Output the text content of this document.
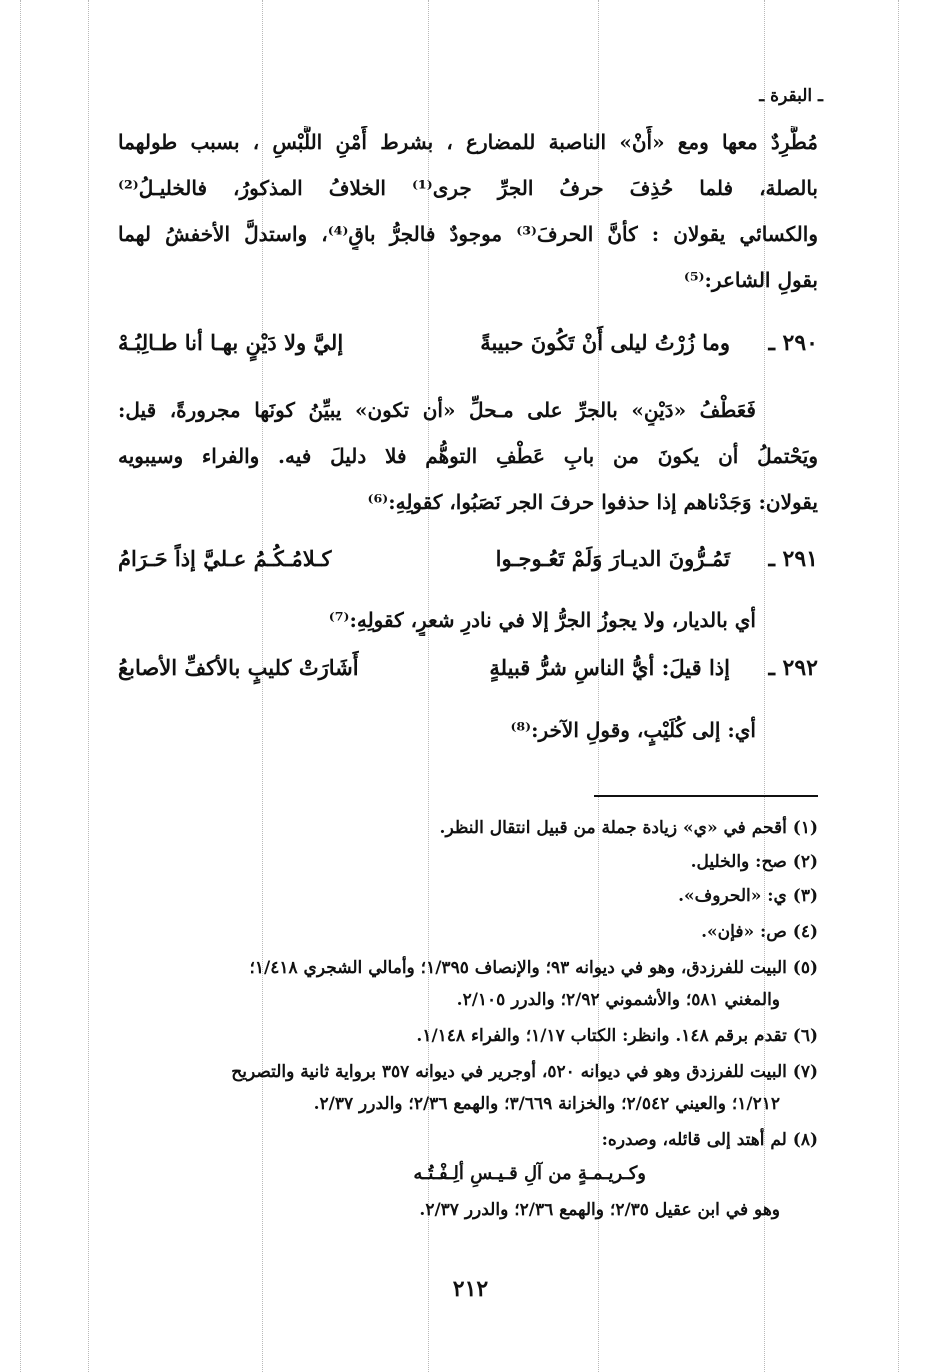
ـ البقرة ـ
مُطَّرِدٌ معها ومع «أَنْ» الناصبة للمضارع ، بشرط أَمْنِ اللَّبْسِ ، بسبب طولهما
بالصلة، فلما حُذِفَ حرفُ الجرِّ جرى⁽¹⁾ الخلافُ المذكورُ، فالخليـلُ⁽²⁾
والكسائي يقولان : كأنَّ الحرفَ⁽³⁾ موجودٌ فالجرُّ باقٍ⁽⁴⁾، واستدلَّ الأخفشُ لهما
بقولِ الشاعر:⁽⁵⁾
٢٩٠ ـ
وما زُرْتُ ليلى أَنْ تَكُونَ حبيبةً
إليَّ ولا دَيْنٍ بهـا أنا طـالِبُـهْ
فَعَطْفُ «دَيْنٍ» بالجرِّ على مـحلِّ «أن تكون» يبيِّنُ كونَها مجرورةً، قيل:
ويَحْتملُ أن يكونَ من بابِ عَطْفِ التوهُّم فلا دليلَ فيه. والفراء وسيبويه
يقولان: وَجَدْناهم إذا حذفوا حرفَ الجر نَصَبُوا، كقولِهِ:⁽⁶⁾
٢٩١ ـ
تَمُـرُّونَ الديـارَ وَلَمْ تَعُـوجـوا
كـلامُـكُـمُ عـليَّ إذاً حَـرَامُ
أي بالديار، ولا يجوزُ الجرُّ إلا في نادرِ شعرٍ، كقولِهِ:⁽⁷⁾
٢٩٢ ـ
إذا قيلَ: أيُّ الناسِ شرُّ قبيلةٍ
أَشَارَتْ كليبٍ بالأكفِّ الأصابعُ
أي: إلى كُلَيْبٍ، وقولِ الآخر:⁽⁸⁾
(١) أقحم في «ي» زيادة جملة من قبيل انتقال النظر.
(٢) صح: والخليل.
(٣) ي: «الحروف».
(٤) ص: «فإن».
(٥) البيت للفرزدق، وهو في ديوانه ٩٣؛ والإنصاف ١/٣٩٥؛ وأمالي الشجري ١/٤١٨؛
والمغني ٥٨١؛ والأشموني ٢/٩٢؛ والدرر ٢/١٠٥.
(٦) تقدم برقم ١٤٨. وانظر: الكتاب ١/١٧؛ والفراء ١/١٤٨.
(٧) البيت للفرزدق وهو في ديوانه ٥٢٠، أوجرير في ديوانه ٣٥٧ برواية ثانية والتصريح
١/٢١٢؛ والعيني ٢/٥٤٢؛ والخزانة ٣/٦٦٩؛ والهمع ٢/٣٦؛ والدرر ٢/٣٧.
(٨) لم أهتد إلى قائله، وصدره:
وكـريـمـةٍ من آلِ قـيـسِ ألِـفْـتُـه
وهو في ابن عقيل ٢/٣٥؛ والهمع ٢/٣٦؛ والدرر ٢/٣٧.
٢١٢
